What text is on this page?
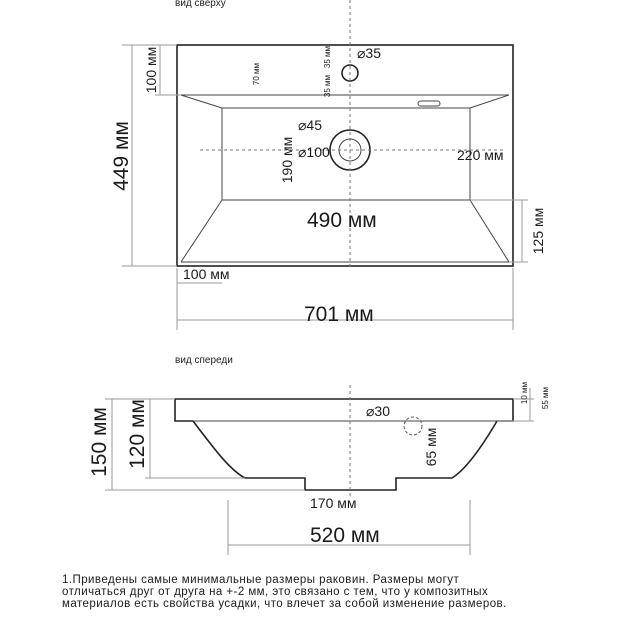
вид сверху
449 мм
100 мм	70 мм
35 мм
35 мм
⌀35
⌀45
⌀100
190 мм	220 мм
490 мм	125 мм
100 мм
701 мм
вид спереди
150 мм 120 мм	⌀30
65 мм
10 мм 55 мм
170 мм
520 мм
1.Приведены самые минимальные размеры раковин. Размеры могут
отличаться друг от друга на +-2 мм, это связано с тем, что у композитных
материалов есть свойства усадки, что влечет за собой изменение размеров.
